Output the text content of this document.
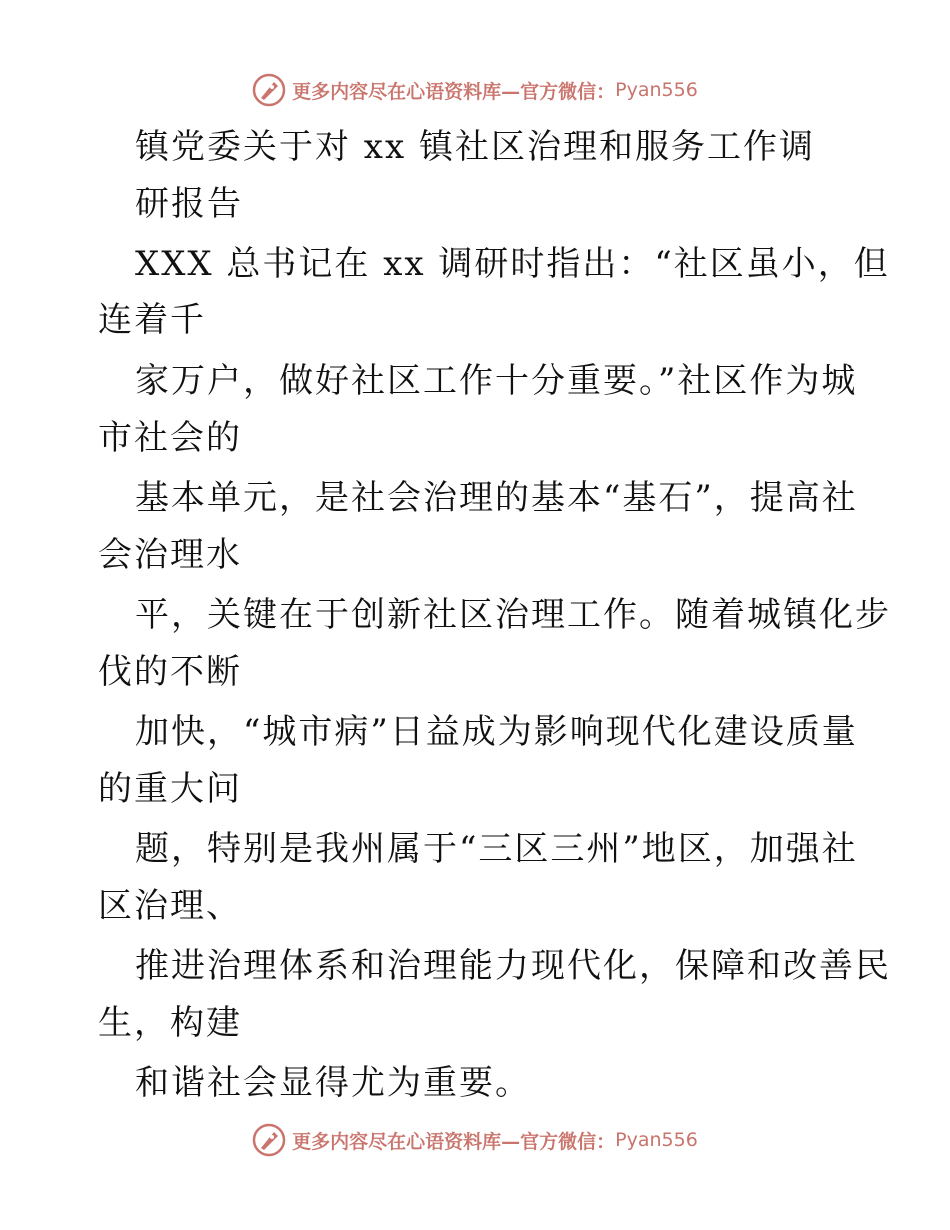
更多内容尽在心语资料库—官方微信： Pyan556
镇党委关于对 xx 镇社区治理和服务工作调
研报告
XXX 总书记在 xx 调研时指出：“社区虽小，但
连着千
家万户，做好社区工作十分重要。”社区作为城
市社会的
基本单元，是社会治理的基本“基石”，提高社
会治理水
平，关键在于创新社区治理工作。随着城镇化步
伐的不断
加快，“城市病”日益成为影响现代化建设质量
的重大问
题，特别是我州属于“三区三州”地区，加强社
区治理、
推进治理体系和治理能力现代化，保障和改善民
生，构建
和谐社会显得尤为重要。
更多内容尽在心语资料库—官方微信： Pyan556
